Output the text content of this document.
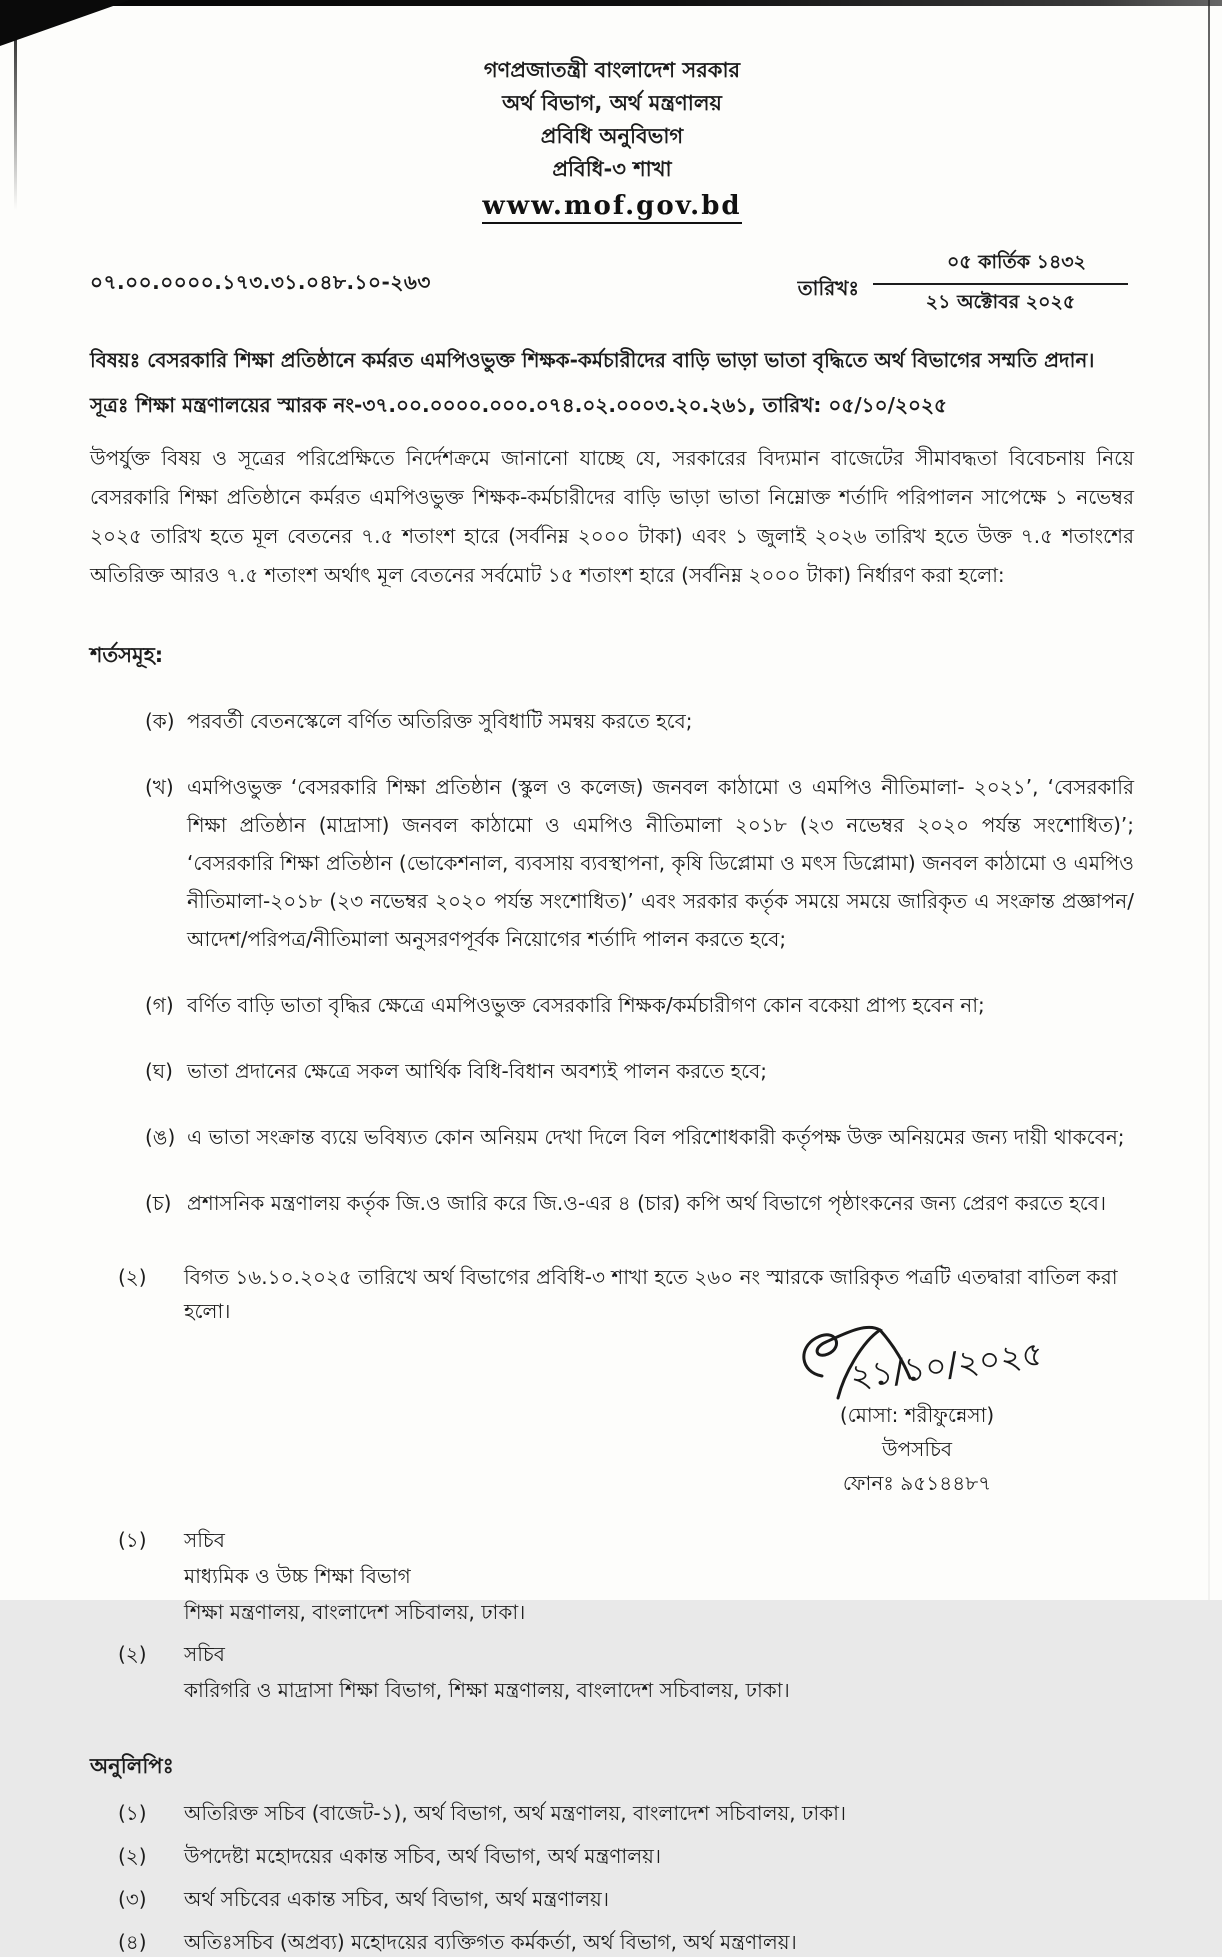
গণপ্রজাতন্ত্রী বাংলাদেশ সরকার
অর্থ বিভাগ, অর্থ মন্ত্রণালয়
প্রবিধি অনুবিভাগ
প্রবিধি-৩ শাখা
www.mof.gov.bd
০৭.০০.০০০০.১৭৩.৩১.০৪৮.১০-২৬৩	তারিখঃ $\frac{\text{০৫ কার্তিক ১৪৩২}}{\text{২১ অক্টোবর ২০২৫}}$

বিষয়ঃ বেসরকারি শিক্ষা প্রতিষ্ঠানে কর্মরত এমপিওভুক্ত শিক্ষক-কর্মচারীদের বাড়ি ভাড়া ভাতা বৃদ্ধিতে অর্থ বিভাগের সম্মতি প্রদান।

সূত্রঃ শিক্ষা মন্ত্রণালয়ের স্মারক নং-৩৭.০০.০০০০.০০০.০৭৪.০২.০০০৩.২০.২৬১, তারিখ: ০৫/১০/২০২৫

উপর্যুক্ত বিষয় ও সূত্রের পরিপ্রেক্ষিতে নির্দেশক্রমে জানানো যাচ্ছে যে, সরকারের বিদ্যমান বাজেটের সীমাবদ্ধতা বিবেচনায় নিয়ে বেসরকারি শিক্ষা প্রতিষ্ঠানে কর্মরত এমপিওভুক্ত শিক্ষক-কর্মচারীদের বাড়ি ভাড়া ভাতা নিম্নোক্ত শর্তাদি পরিপালন সাপেক্ষে ১ নভেম্বর ২০২৫ তারিখ হতে মূল বেতনের ৭.৫ শতাংশ হারে (সর্বনিম্ন ২০০০ টাকা) এবং ১ জুলাই ২০২৬ তারিখ হতে উক্ত ৭.৫ শতাংশের অতিরিক্ত আরও ৭.৫ শতাংশ অর্থাৎ মূল বেতনের সর্বমোট ১৫ শতাংশ হারে (সর্বনিম্ন ২০০০ টাকা) নির্ধারণ করা হলো:

শর্তসমূহ:
(ক) পরবর্তী বেতনস্কেলে বর্ণিত অতিরিক্ত সুবিধাটি সমন্বয় করতে হবে;
(খ) এমপিওভুক্ত ‘বেসরকারি শিক্ষা প্রতিষ্ঠান (স্কুল ও কলেজ) জনবল কাঠামো ও এমপিও নীতিমালা- ২০২১’, ‘বেসরকারি শিক্ষা প্রতিষ্ঠান (মাদ্রাসা) জনবল কাঠামো ও এমপিও নীতিমালা ২০১৮ (২৩ নভেম্বর ২০২০ পর্যন্ত সংশোধিত)’; ‘বেসরকারি শিক্ষা প্রতিষ্ঠান (ভোকেশনাল, ব্যবসায় ব্যবস্থাপনা, কৃষি ডিপ্লোমা ও মৎস ডিপ্লোমা) জনবল কাঠামো ও এমপিও নীতিমালা-২০১৮ (২৩ নভেম্বর ২০২০ পর্যন্ত সংশোধিত)’ এবং সরকার কর্তৃক সময়ে সময়ে জারিকৃত এ সংক্রান্ত প্রজ্ঞাপন/আদেশ/পরিপত্র/নীতিমালা অনুসরণপূর্বক নিয়োগের শর্তাদি পালন করতে হবে;
(গ) বর্ণিত বাড়ি ভাতা বৃদ্ধির ক্ষেত্রে এমপিওভুক্ত বেসরকারি শিক্ষক/কর্মচারীগণ কোন বকেয়া প্রাপ্য হবেন না;
(ঘ) ভাতা প্রদানের ক্ষেত্রে সকল আর্থিক বিধি-বিধান অবশ্যই পালন করতে হবে;
(ঙ) এ ভাতা সংক্রান্ত ব্যয়ে ভবিষ্যত কোন অনিয়ম দেখা দিলে বিল পরিশোধকারী কর্তৃপক্ষ উক্ত অনিয়মের জন্য দায়ী থাকবেন;
(চ) প্রশাসনিক মন্ত্রণালয় কর্তৃক জি.ও জারি করে জি.ও-এর ৪ (চার) কপি অর্থ বিভাগে পৃষ্ঠাংকনের জন্য প্রেরণ করতে হবে।
(২)	বিগত ১৬.১০.২০২৫ তারিখে অর্থ বিভাগের প্রবিধি-৩ শাখা হতে ২৬০ নং স্মারকে জারিকৃত পত্রটি এতদ্বারা বাতিল করা হলো।
২১/১০/২০২৫
(মোসা: শরীফুন্নেসা)
উপসচিব
ফোনঃ ৯৫১৪৪৮৭
(১)	সচিব
মাধ্যমিক ও উচ্চ শিক্ষা বিভাগ
শিক্ষা মন্ত্রণালয়, বাংলাদেশ সচিবালয়, ঢাকা।
(২)	সচিব
কারিগরি ও মাদ্রাসা শিক্ষা বিভাগ, শিক্ষা মন্ত্রণালয়, বাংলাদেশ সচিবালয়, ঢাকা।
অনুলিপিঃ
(১)	অতিরিক্ত সচিব (বাজেট-১), অর্থ বিভাগ, অর্থ মন্ত্রণালয়, বাংলাদেশ সচিবালয়, ঢাকা।
(২)	উপদেষ্টা মহোদয়ের একান্ত সচিব, অর্থ বিভাগ, অর্থ মন্ত্রণালয়।
(৩)	অর্থ সচিবের একান্ত সচিব, অর্থ বিভাগ, অর্থ মন্ত্রণালয়।
(৪)	অতিঃসচিব (অপ্রব্য) মহোদয়ের ব্যক্তিগত কর্মকর্তা, অর্থ বিভাগ, অর্থ মন্ত্রণালয়।
